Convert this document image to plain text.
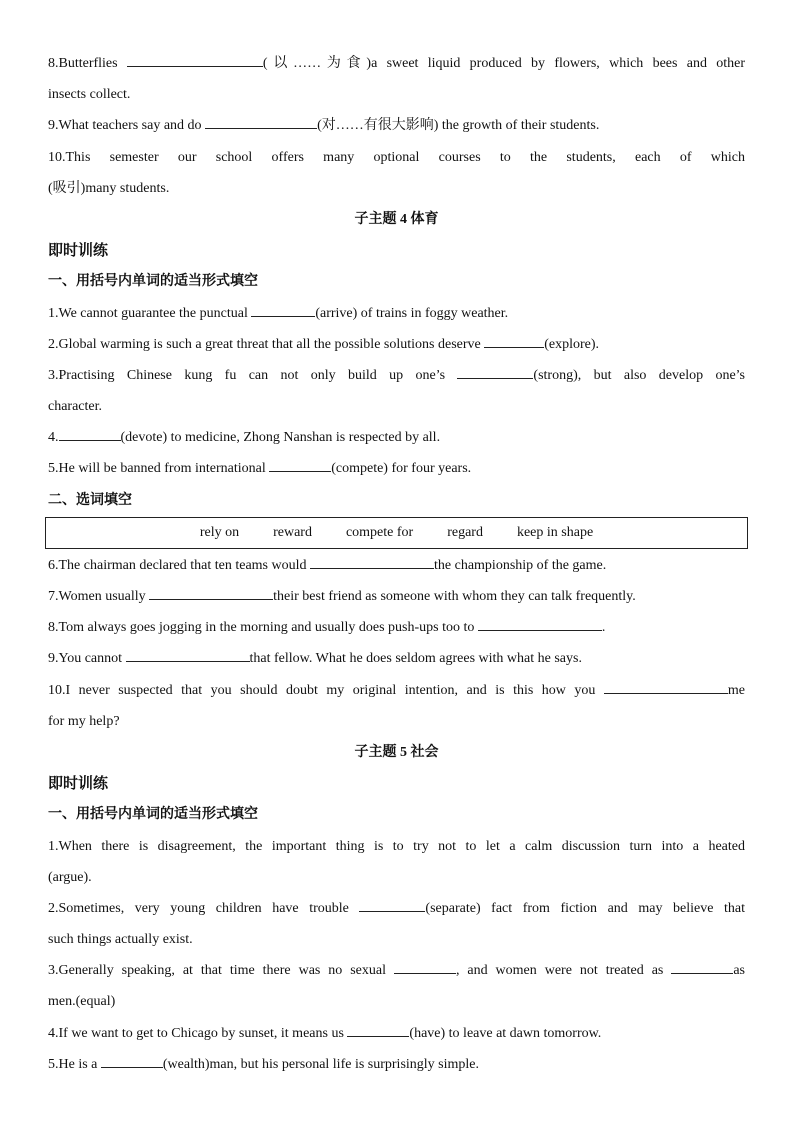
8.Butterflies	(以……为食)a sweet liquid produced by flowers, which bees and other
insects collect.
9.What teachers say and do	(对……有很大影响) the growth of their students.
10.This semester our school offers many optional courses to the students, each of which
(吸引)many students.
子主题 4 体育
即时训练
一、用括号内单词的适当形式填空
1.We cannot guarantee the punctual	(arrive) of trains in foggy weather.
2.Global warming is such a great threat that all the possible solutions deserve	(explore).
3.Practising Chinese kung fu can not only build up one’s	(strong), but also develop one’s
character.
4.	(devote) to medicine, Zhong Nanshan is respected by all.
5.He will be banned from international	(compete) for four years.
二、选词填空
rely on reward compete for regard keep in shape
6.The chairman declared that ten teams would	the championship of the game.
7.Women usually	their best friend as someone with whom they can talk frequently.
8.Tom always goes jogging in the morning and usually does push-ups too to	.
9.You cannot	that fellow. What he does seldom agrees with what he says.
10.I never suspected that you should doubt my original intention, and is this how you	me
for my help?
子主题 5 社会
即时训练
一、用括号内单词的适当形式填空
1.When there is disagreement, the important thing is to try not to let a calm discussion turn into a heated
(argue).
2.Sometimes, very young children have trouble	(separate) fact from fiction and may believe that
such things actually exist.
3.Generally speaking, at that time there was no sexual	, and women were not treated as	as
men.(equal)
4.If we want to get to Chicago by sunset, it means us	(have) to leave at dawn tomorrow.
5.He is a	(wealth)man, but his personal life is surprisingly simple.
